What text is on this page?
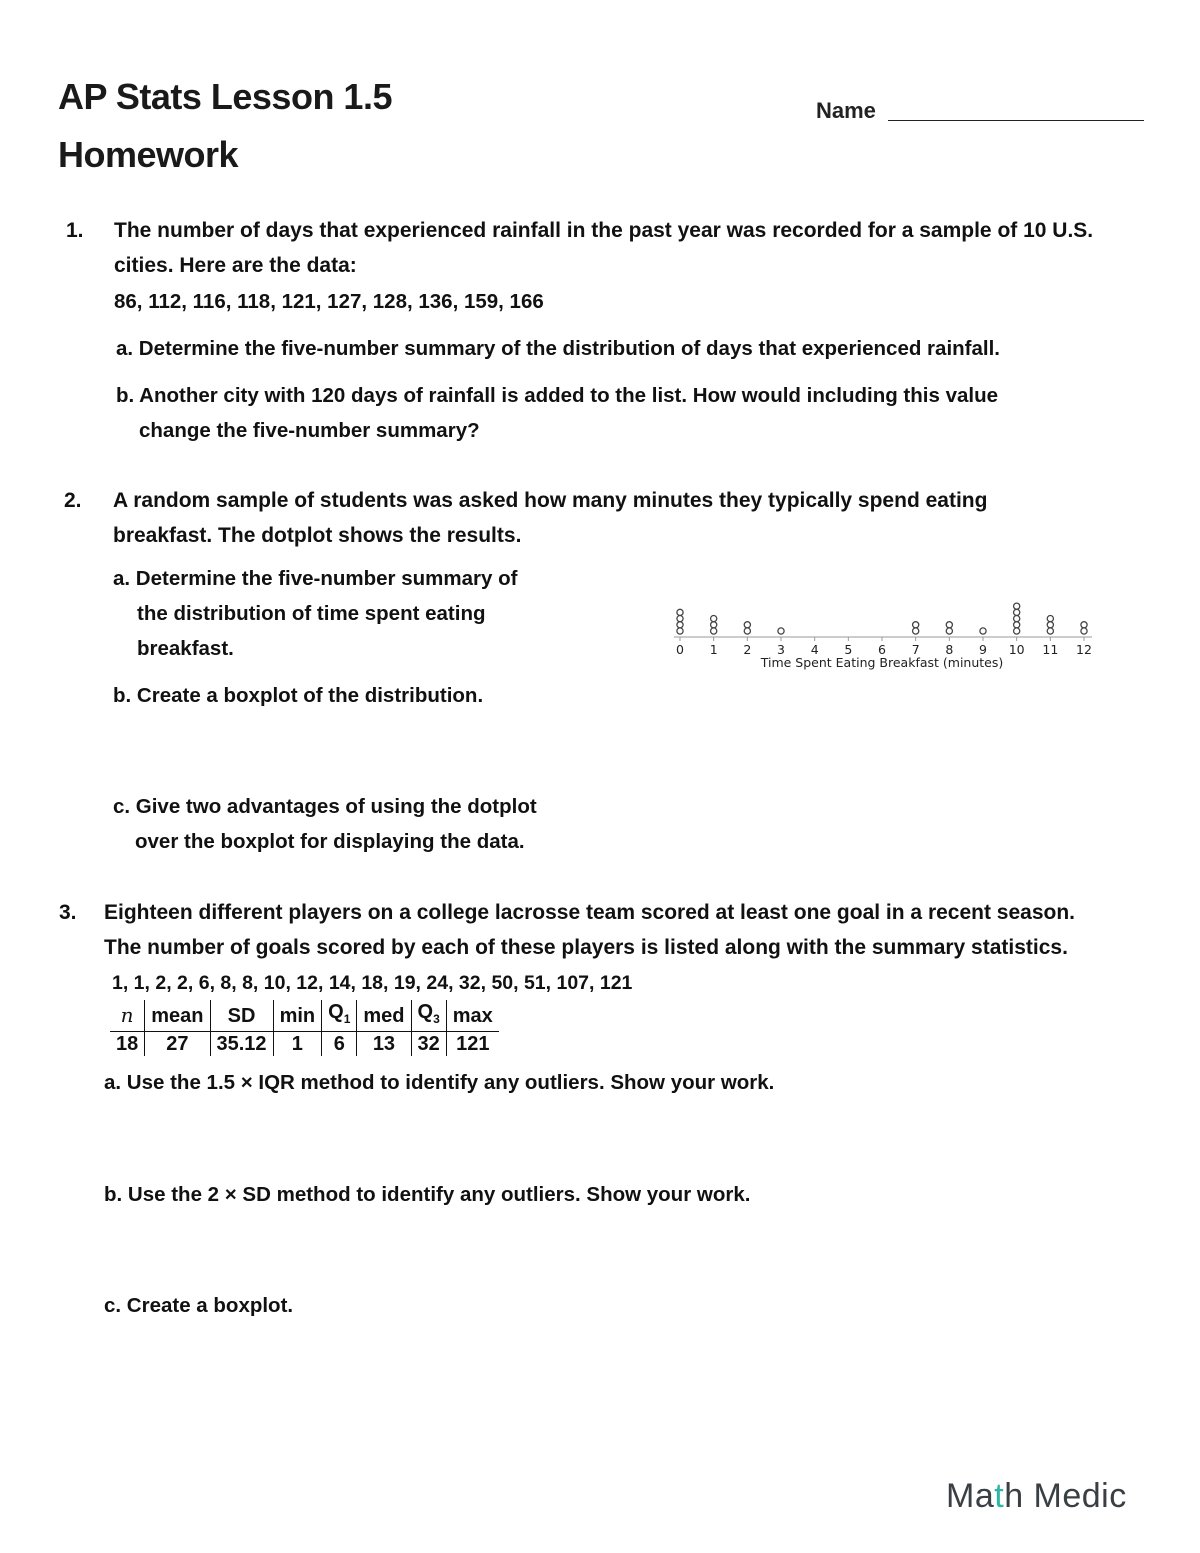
AP Stats Lesson 1.5
Homework
Name
1. The number of days that experienced rainfall in the past year was recorded for a sample of 10 U.S. cities. Here are the data:
86, 112, 116, 118, 121, 127, 128, 136, 159, 166
a. Determine the five-number summary of the distribution of days that experienced rainfall.
b. Another city with 120 days of rainfall is added to the list. How would including this value
change the five-number summary?
2. A random sample of students was asked how many minutes they typically spend eating
breakfast. The dotplot shows the results.
a. Determine the five-number summary of
the distribution of time spent eating
breakfast.
b. Create a boxplot of the distribution.
c. Give two advantages of using the dotplot
over the boxplot for displaying the data.
Time Spent Eating Breakfast (minutes)
0 1 2 3 4 5 6 7 8 9 10 11 12
3. Eighteen different players on a college lacrosse team scored at least one goal in a recent season.
The number of goals scored by each of these players is listed along with the summary statistics.
1, 1, 2, 2, 6, 8, 8, 10, 12, 14, 18, 19, 24, 32, 50, 51, 107, 121
n	mean	SD	min	$Q_1$	med	$Q_3$	max
18	27	35.12	1	6	13	32	121
a. Use the 1.5 × IQR method to identify any outliers. Show your work.
b. Use the 2 × SD method to identify any outliers. Show your work.
c. Create a boxplot.
Math Medic
